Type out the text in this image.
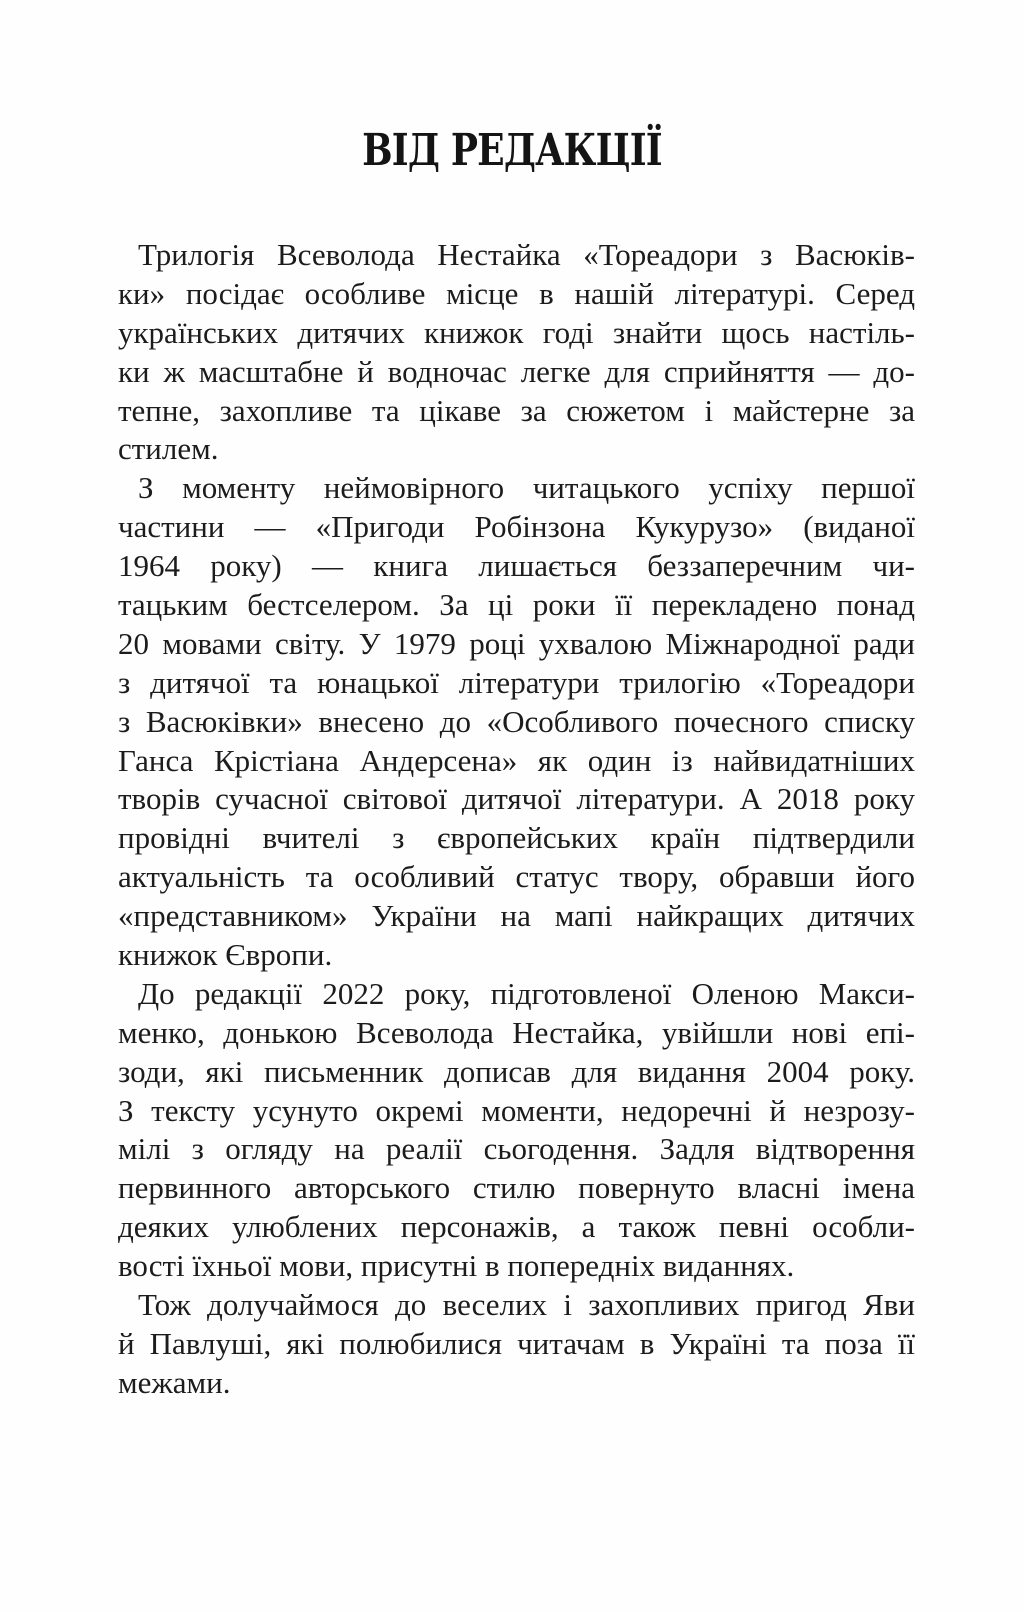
ВІД РЕДАКЦІЇ
Трилогія Всеволода Нестайка «Тореадори з Васюків-
ки» посідає особливе місце в нашій літературі. Серед
українських дитячих книжок годі знайти щось настіль-
ки ж масштабне й водночас легке для сприйняття — до-
тепне, захопливе та цікаве за сюжетом і майстерне за
стилем.
З моменту неймовірного читацького успіху першої
частини — «Пригоди Робінзона Кукурузо» (виданої
1964 року) — книга лишається беззаперечним чи-
тацьким бестселером. За ці роки її перекладено понад
20 мовами світу. У 1979 році ухвалою Міжнародної ради
з дитячої та юнацької літератури трилогію «Тореадори
з Васюківки» внесено до «Особливого почесного списку
Ганса Крістіана Андерсена» як один із найвидатніших
творів сучасної світової дитячої літератури. А 2018 року
провідні вчителі з європейських країн підтвердили
актуальність та особливий статус твору, обравши його
«представником» України на мапі найкращих дитячих
книжок Європи.
До редакції 2022 року, підготовленої Оленою Макси-
менко, донькою Всеволода Нестайка, увійшли нові епі-
зоди, які письменник дописав для видання 2004 року.
З тексту усунуто окремі моменти, недоречні й незрозу-
мілі з огляду на реалії сьогодення. Задля відтворення
первинного авторського стилю повернуто власні імена
деяких улюблених персонажів, а також певні особли-
вості їхньої мови, присутні в попередніх виданнях.
Тож долучаймося до веселих і захопливих пригод Яви
й Павлуші, які полюбилися читачам в Україні та поза її
межами.
